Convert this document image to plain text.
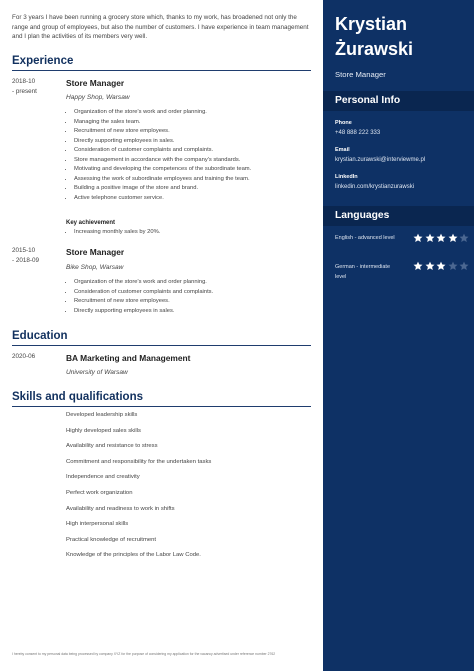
For 3 years I have been running a grocery store which, thanks to my work, has broadened not only the range and group of employees, but also the number of customers. I have experience in team management and I plan the activities of its members very well.
Experience
2018-10
- present
Store Manager
Happy Shop, Warsaw
• Organization of the store's work and order planning.
• Managing the sales team.
• Recruitment of new store employees.
• Directly supporting employees in sales.
• Consideration of customer complaints and complaints.
• Store management in accordance with the company's standards.
• Motivating and developing the competences of the subordinate team.
• Assessing the work of subordinate employees and training the team.
• Building a positive image of the store and brand.
• Active telephone customer service.
Key achievement
• Increasing monthly sales by 20%.
2015-10
- 2018-09
Store Manager
Bike Shop, Warsaw
• Organization of the store's work and order planning.
• Consideration of customer complaints and complaints.
• Recruitment of new store employees.
• Directly supporting employees in sales.
Education
2020-06	BA Marketing and Management
University of Warsaw
Skills and qualifications
Developed leadership skills
Highly developed sales skills
Availability and resistance to stress
Commitment and responsibility for the undertaken tasks
Independence and creativity
Perfect work organization
Availability and readiness to work in shifts
High interpersonal skills
Practical knowledge of recruitment
Knowledge of the principles of the Labor Law Code.
I hereby consent to my personal data being processed by company XYZ for the purpose of considering my application for the vacancy advertised under reference number 2762
Krystian Żurawski
Store Manager
Personal Info
Phone
+48 888 222 333
Email
krystian.zurawski@interviewme.pl
LinkedIn
linkedin.com/krystianzurawski
Languages
English - advanced level
German - intermediate level
